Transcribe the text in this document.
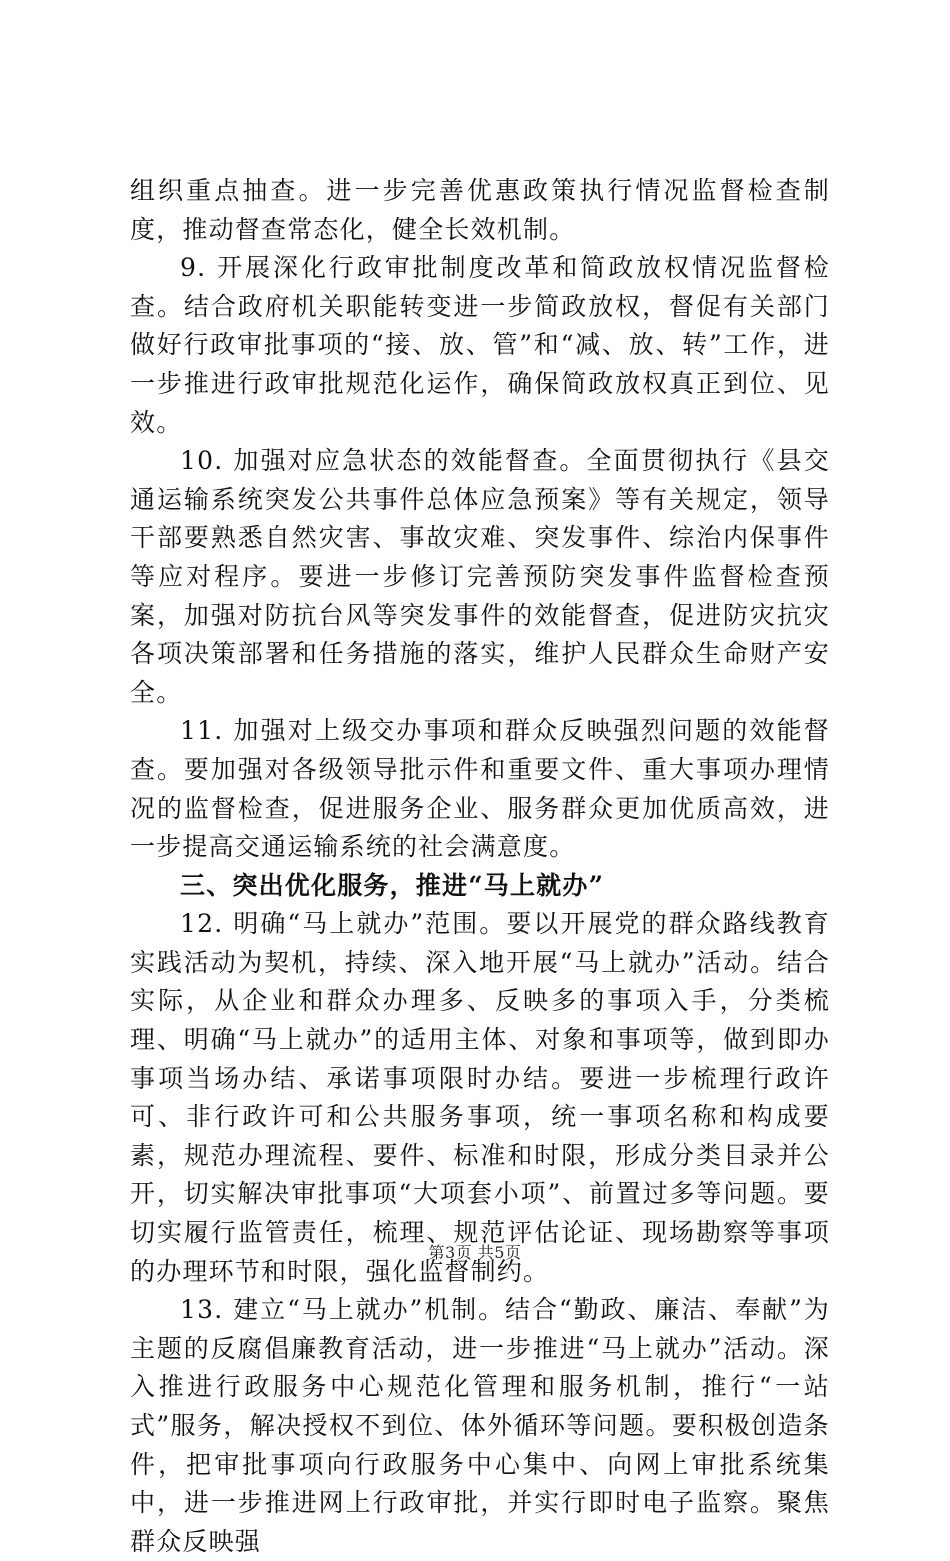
组织重点抽查。进一步完善优惠政策执行情况监督检查制度，推动督查常态化，健全长效机制。

9. 开展深化行政审批制度改革和简政放权情况监督检查。结合政府机关职能转变进一步简政放权，督促有关部门做好行政审批事项的“接、放、管”和“减、放、转”工作，进一步推进行政审批规范化运作，确保简政放权真正到位、见效。

10. 加强对应急状态的效能督查。全面贯彻执行《县交通运输系统突发公共事件总体应急预案》等有关规定，领导干部要熟悉自然灾害、事故灾难、突发事件、综治内保事件等应对程序。要进一步修订完善预防突发事件监督检查预案，加强对防抗台风等突发事件的效能督查，促进防灾抗灾各项决策部署和任务措施的落实，维护人民群众生命财产安全。

11. 加强对上级交办事项和群众反映强烈问题的效能督查。要加强对各级领导批示件和重要文件、重大事项办理情况的监督检查，促进服务企业、服务群众更加优质高效，进一步提高交通运输系统的社会满意度。

三、突出优化服务，推进“马上就办”

12. 明确“马上就办”范围。要以开展党的群众路线教育实践活动为契机，持续、深入地开展“马上就办”活动。结合实际，从企业和群众办理多、反映多的事项入手，分类梳理、明确“马上就办”的适用主体、对象和事项等，做到即办事项当场办结、承诺事项限时办结。要进一步梳理行政许可、非行政许可和公共服务事项，统一事项名称和构成要素，规范办理流程、要件、标准和时限，形成分类目录并公开，切实解决审批事项“大项套小项”、前置过多等问题。要切实履行监管责任，梳理、规范评估论证、现场勘察等事项的办理环节和时限，强化监督制约。

13. 建立“马上就办”机制。结合“勤政、廉洁、奉献”为主题的反腐倡廉教育活动，进一步推进“马上就办”活动。深入推进行政服务中心规范化管理和服务机制，推行“一站式”服务，解决授权不到位、体外循环等问题。要积极创造条件，把审批事项向行政服务中心集中、向网上审批系统集中，进一步推进网上行政审批，并实行即时电子监察。聚焦群众反映强

第3页 共5页
